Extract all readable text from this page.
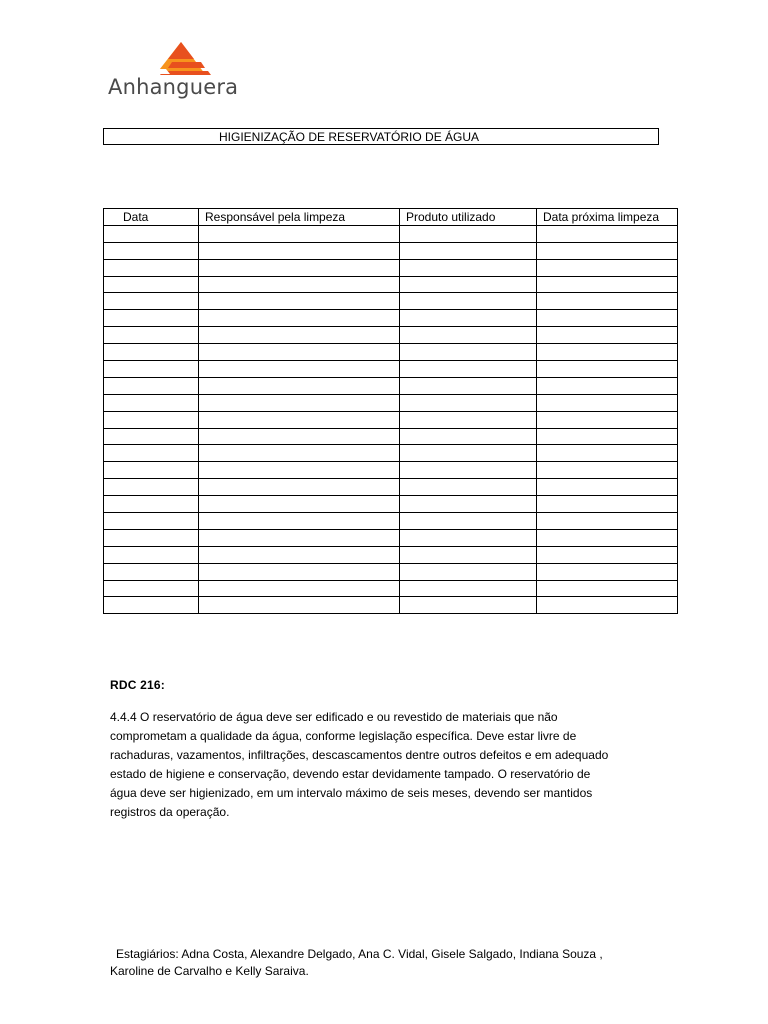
Anhanguera
HIGIENIZAÇÃO DE RESERVATÓRIO DE ÁGUA
Data	Responsável pela limpeza	Produto utilizado	Data próxima limpeza

RDC 216:
4.4.4 O reservatório de água deve ser edificado e ou revestido de materiais que não
comprometam a qualidade da água, conforme legislação específica. Deve estar livre de
rachaduras, vazamentos, infiltrações, descascamentos dentre outros defeitos e em adequado
estado de higiene e conservação, devendo estar devidamente tampado. O reservatório de
água deve ser higienizado, em um intervalo máximo de seis meses, devendo ser mantidos
registros da operação.
Estagiários: Adna Costa, Alexandre Delgado, Ana C. Vidal, Gisele Salgado, Indiana Souza ,
Karoline de Carvalho e Kelly Saraiva.
